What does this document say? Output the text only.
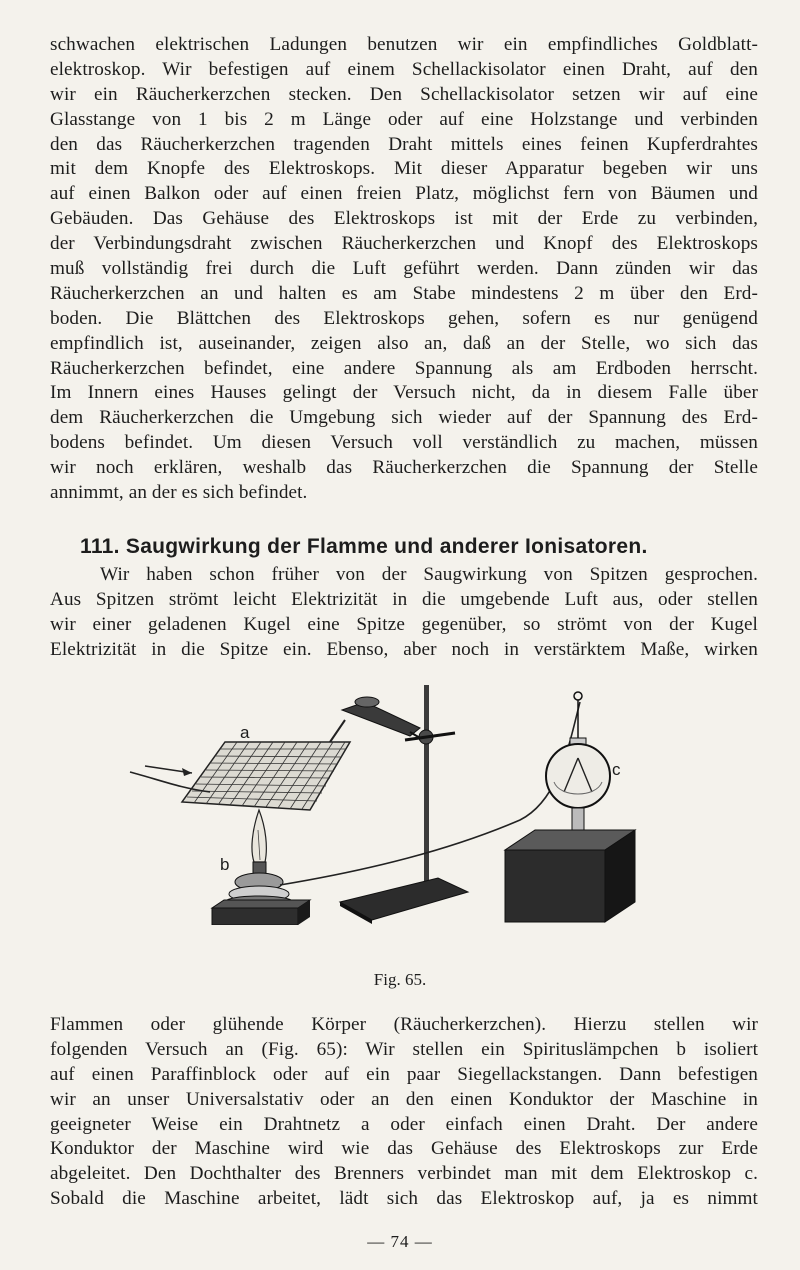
schwachen elektrischen Ladungen benutzen wir ein empfindliches Goldblatt-
elektroskop. Wir befestigen auf einem Schellackisolator einen Draht, auf den
wir ein Räucherkerzchen stecken. Den Schellackisolator setzen wir auf eine
Glasstange von 1 bis 2 m Länge oder auf eine Holzstange und verbinden
den das Räucherkerzchen tragenden Draht mittels eines feinen Kupferdrahtes
mit dem Knopfe des Elektroskops. Mit dieser Apparatur begeben wir uns
auf einen Balkon oder auf einen freien Platz, möglichst fern von Bäumen und
Gebäuden. Das Gehäuse des Elektroskops ist mit der Erde zu verbinden,
der Verbindungsdraht zwischen Räucherkerzchen und Knopf des Elektroskops
muß vollständig frei durch die Luft geführt werden. Dann zünden wir das
Räucherkerzchen an und halten es am Stabe mindestens 2 m über den Erd-
boden. Die Blättchen des Elektroskops gehen, sofern es nur genügend
empfindlich ist, auseinander, zeigen also an, daß an der Stelle, wo sich das
Räucherkerzchen befindet, eine andere Spannung als am Erdboden herrscht.
Im Innern eines Hauses gelingt der Versuch nicht, da in diesem Falle über
dem Räucherkerzchen die Umgebung sich wieder auf der Spannung des Erd-
bodens befindet. Um diesen Versuch voll verständlich zu machen, müssen
wir noch erklären, weshalb das Räucherkerzchen die Spannung der Stelle
annimmt, an der es sich befindet.
111. Saugwirkung der Flamme und anderer Ionisatoren.
Wir haben schon früher von der Saugwirkung von Spitzen gesprochen.
Aus Spitzen strömt leicht Elektrizität in die umgebende Luft aus, oder stellen
wir einer geladenen Kugel eine Spitze gegenüber, so strömt von der Kugel
Elektrizität in die Spitze ein. Ebenso, aber noch in verstärktem Maße, wirken
a
b
c
Fig. 65.
Flammen oder glühende Körper (Räucherkerzchen). Hierzu stellen wir
folgenden Versuch an (Fig. 65): Wir stellen ein Spirituslämpchen b isoliert
auf einen Paraffinblock oder auf ein paar Siegellackstangen. Dann befestigen
wir an unser Universalstativ oder an den einen Konduktor der Maschine in
geeigneter Weise ein Drahtnetz a oder einfach einen Draht. Der andere
Konduktor der Maschine wird wie das Gehäuse des Elektroskops zur Erde
abgeleitet. Den Dochthalter des Brenners verbindet man mit dem Elektroskop c.
Sobald die Maschine arbeitet, lädt sich das Elektroskop auf, ja es nimmt
— 74 —
